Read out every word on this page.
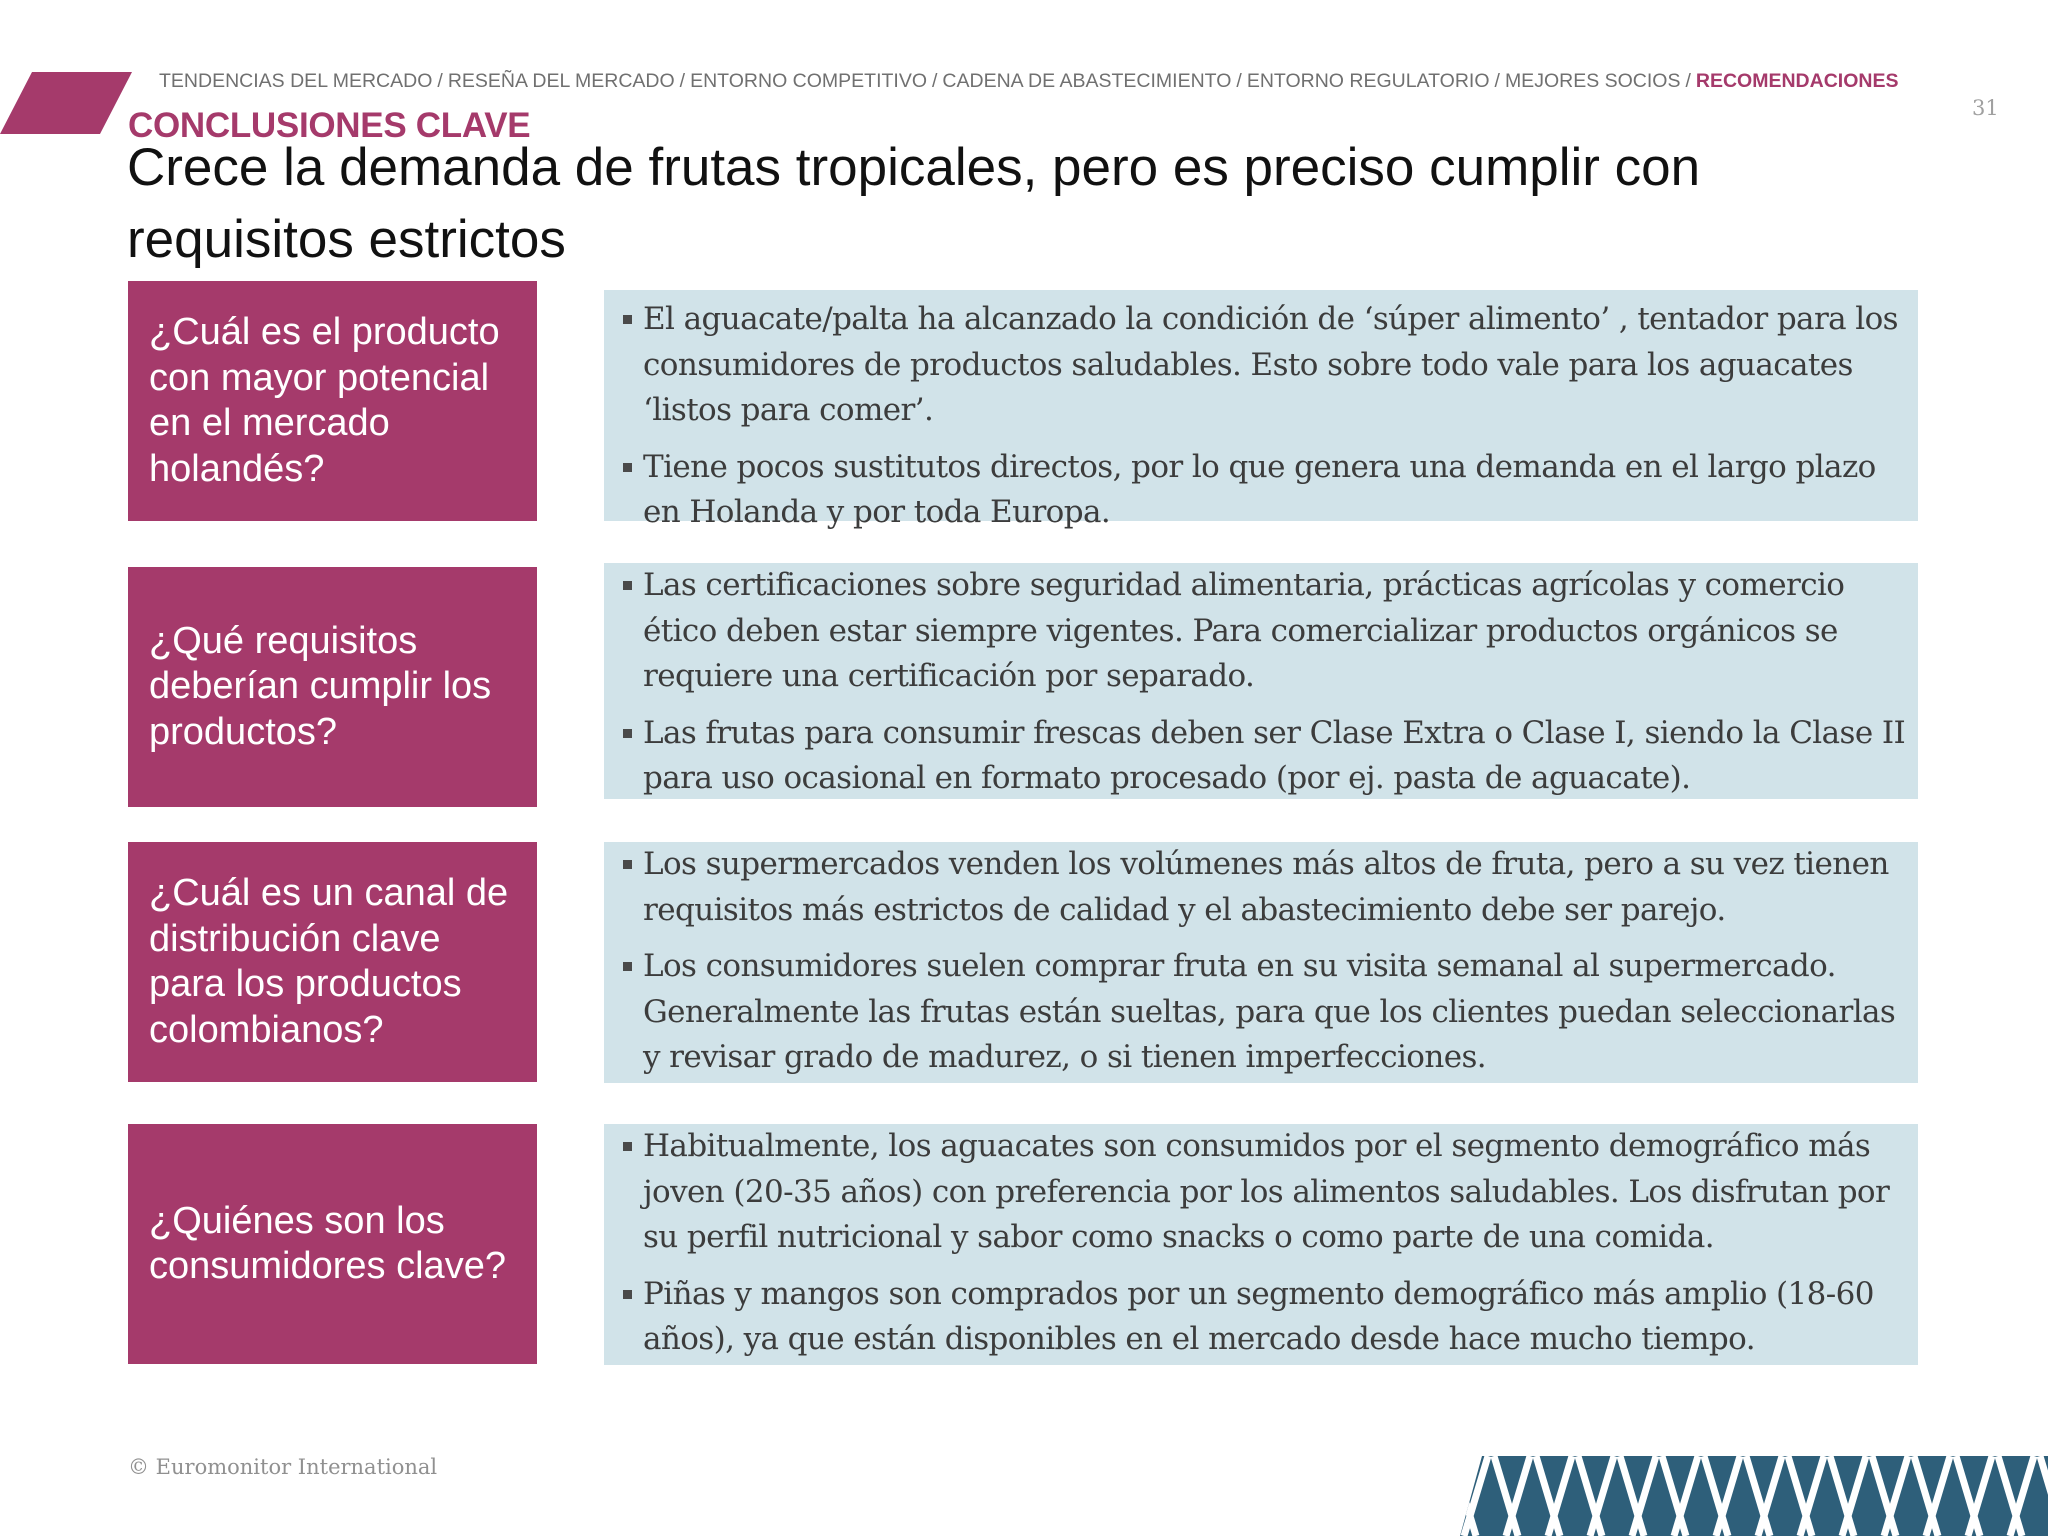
TENDENCIAS DEL MERCADO / RESEÑA DEL MERCADO / ENTORNO COMPETITIVO / CADENA DE ABASTECIMIENTO / ENTORNO REGULATORIO / MEJORES SOCIOS / RECOMENDACIONES
31
CONCLUSIONES CLAVE
Crece la demanda de frutas tropicales, pero es preciso cumplir con requisitos estrictos
¿Cuál es el producto con mayor potencial en el mercado holandés?
El aguacate/palta ha alcanzado la condición de ‘súper alimento’ , tentador para los consumidores de productos saludables. Esto sobre todo vale para los aguacates ‘listos para comer’.
Tiene pocos sustitutos directos, por lo que genera una demanda en el largo plazo en Holanda y por toda Europa.
¿Qué requisitos deberían cumplir los productos?
Las certificaciones sobre seguridad alimentaria, prácticas agrícolas y comercio ético deben estar siempre vigentes. Para comercializar productos orgánicos se requiere una certificación por separado.
Las frutas para consumir frescas deben ser Clase Extra o Clase I, siendo la Clase II para uso ocasional en formato procesado (por ej. pasta de aguacate).
¿Cuál es un canal de distribución clave para los productos colombianos?
Los supermercados venden los volúmenes más altos de fruta, pero a su vez tienen requisitos más estrictos de calidad y el abastecimiento debe ser parejo.
Los consumidores suelen comprar fruta en su visita semanal al supermercado. Generalmente las frutas están sueltas, para que los clientes puedan seleccionarlas y revisar grado de madurez, o si tienen imperfecciones.
¿Quiénes son los consumidores clave?
Habitualmente, los aguacates son consumidos por el segmento demográfico más joven (20-35 años) con preferencia por los alimentos saludables. Los disfrutan por su perfil nutricional y sabor como snacks o como parte de una comida.
Piñas y mangos son comprados por un segmento demográfico más amplio (18-60 años), ya que están disponibles en el mercado desde hace mucho tiempo.
© Euromonitor International
